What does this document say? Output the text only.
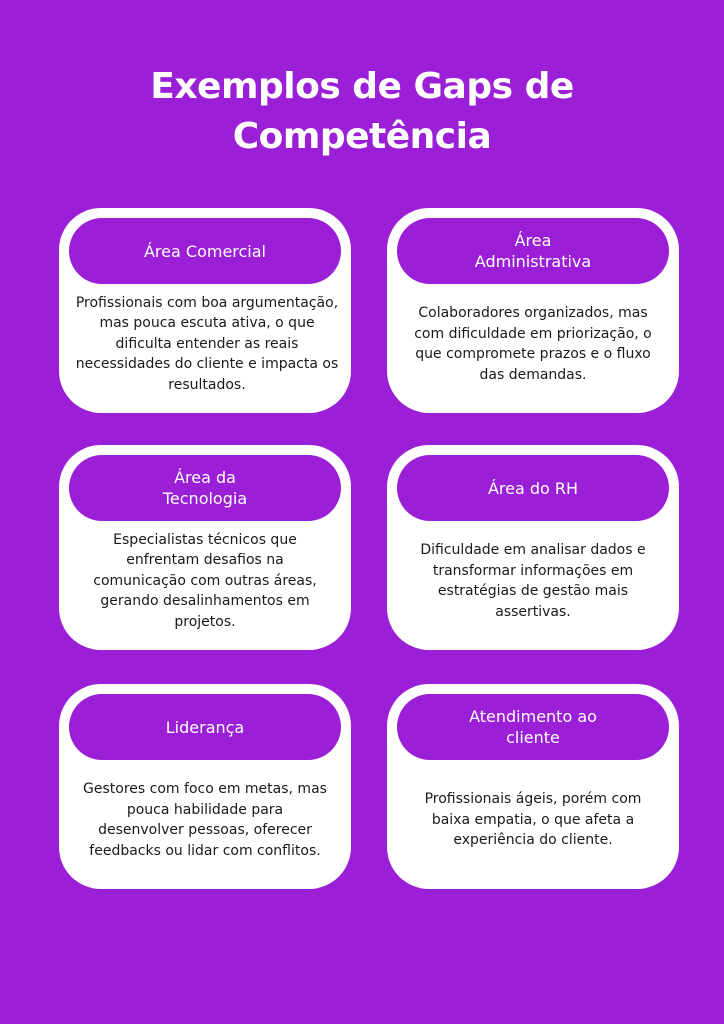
Exemplos de Gaps de
Competência
Área Comercial
Profissionais com boa argumentação, mas pouca escuta ativa, o que dificulta entender as reais necessidades do cliente e impacta os resultados.
Área Administrativa
Colaboradores organizados, mas com dificuldade em priorização, o que compromete prazos e o fluxo das demandas.
Área da Tecnologia
Especialistas técnicos que enfrentam desafios na comunicação com outras áreas, gerando desalinhamentos em projetos.
Área do RH
Dificuldade em analisar dados e transformar informações em estratégias de gestão mais assertivas.
Liderança
Gestores com foco em metas, mas pouca habilidade para desenvolver pessoas, oferecer feedbacks ou lidar com conflitos.
Atendimento ao cliente
Profissionais ágeis, porém com baixa empatia, o que afeta a experiência do cliente.
